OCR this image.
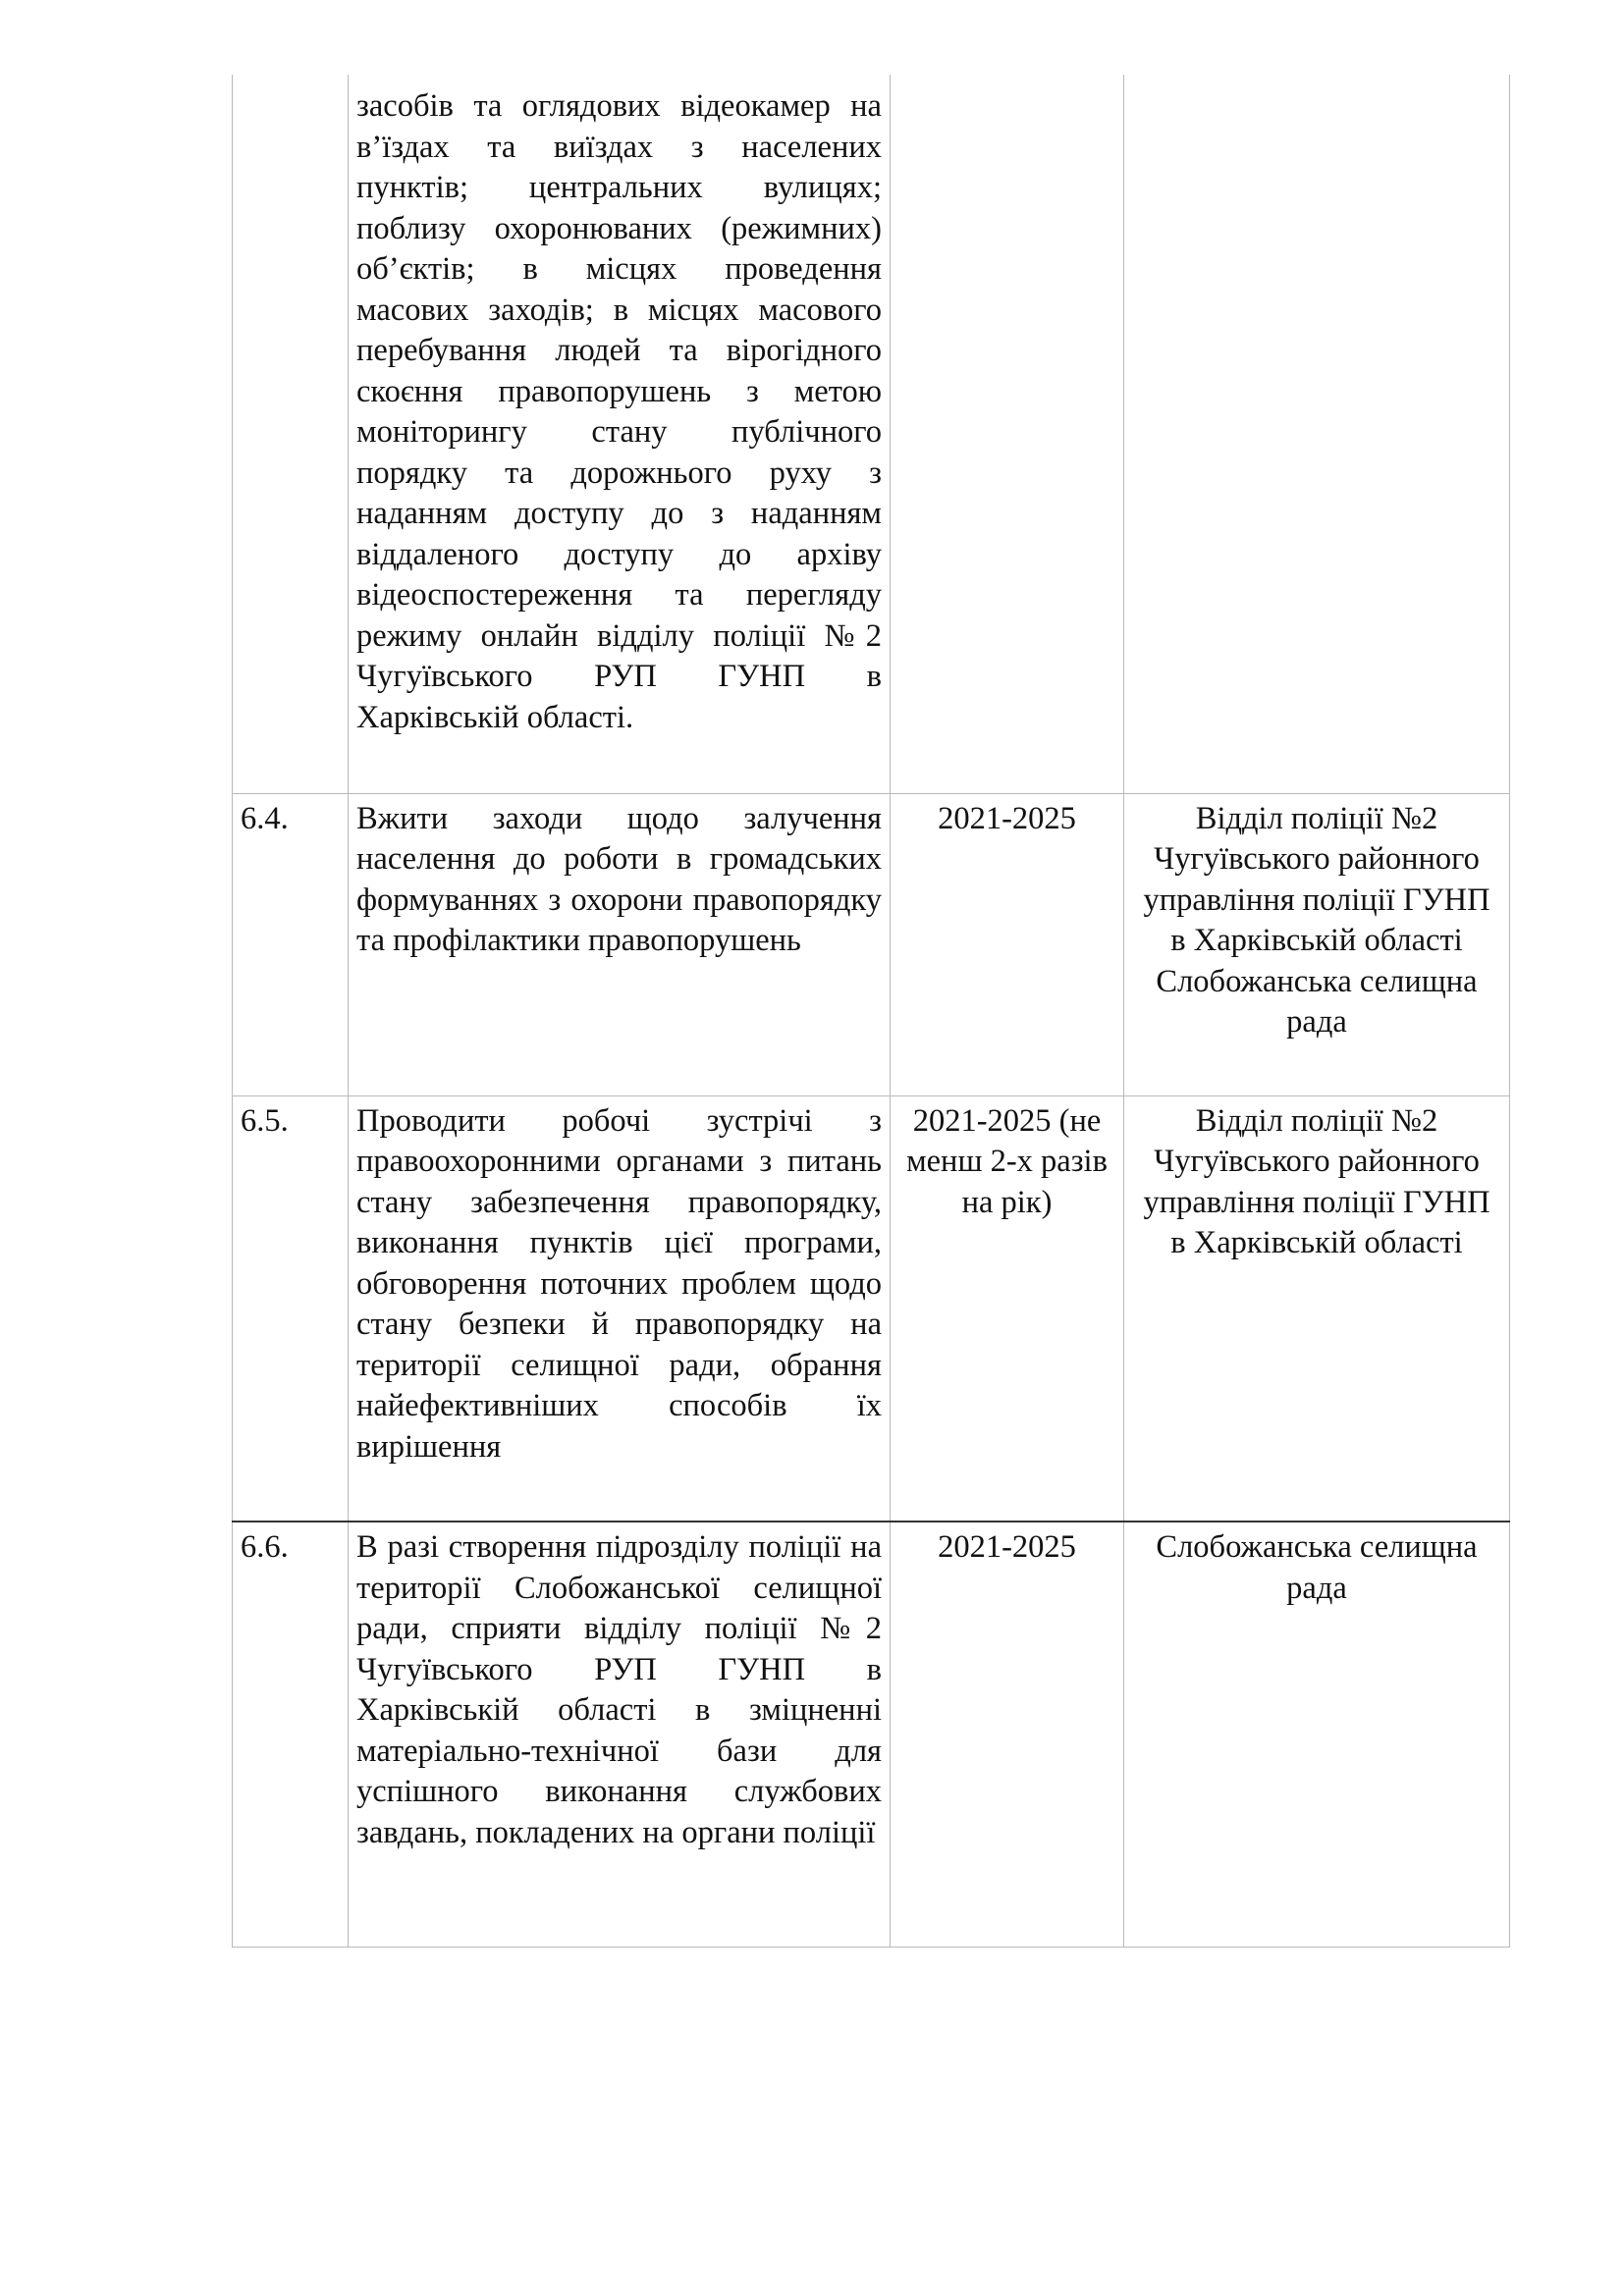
	засобів та оглядових відеокамер на в’їздах та виїздах з населених пунктів; центральних вулицях; поблизу охоронюваних (режимних) об’єктів; в місцях проведення масових заходів; в місцях масового перебування людей та вірогідного скоєння правопорушень з метою моніторингу стану публічного порядку та дорожнього руху з наданням доступу до з наданням віддаленого доступу до архіву відеоспостереження та перегляду режиму онлайн відділу поліції №2 Чугуївського РУП ГУНП в Харківській області.		
6.4.	Вжити заходи щодо залучення населення до роботи в громадських формуваннях з охорони правопорядку та профілактики правопорушень	2021-2025	Відділ поліції №2 Чугуївського районного управління поліції ГУНП в Харківській області Слобожанська селищна рада
6.5.	Проводити робочі зустрічі з правоохоронними органами з питань стану забезпечення правопорядку, виконання пунктів цієї програми, обговорення поточних проблем щодо стану безпеки й правопорядку на території селищної ради, обрання найефективніших способів їх вирішення	2021-2025 (не менш 2-х разів на рік)	Відділ поліції №2 Чугуївського районного управління поліції ГУНП в Харківській області
6.6.	В разі створення підрозділу поліції на території Слобожанської селищної ради, сприяти відділу поліції №2 Чугуївського РУП ГУНП в Харківській області в зміцненні матеріально-технічної бази для успішного виконання службових завдань, покладених на органи поліції	2021-2025	Слобожанська селищна рада
